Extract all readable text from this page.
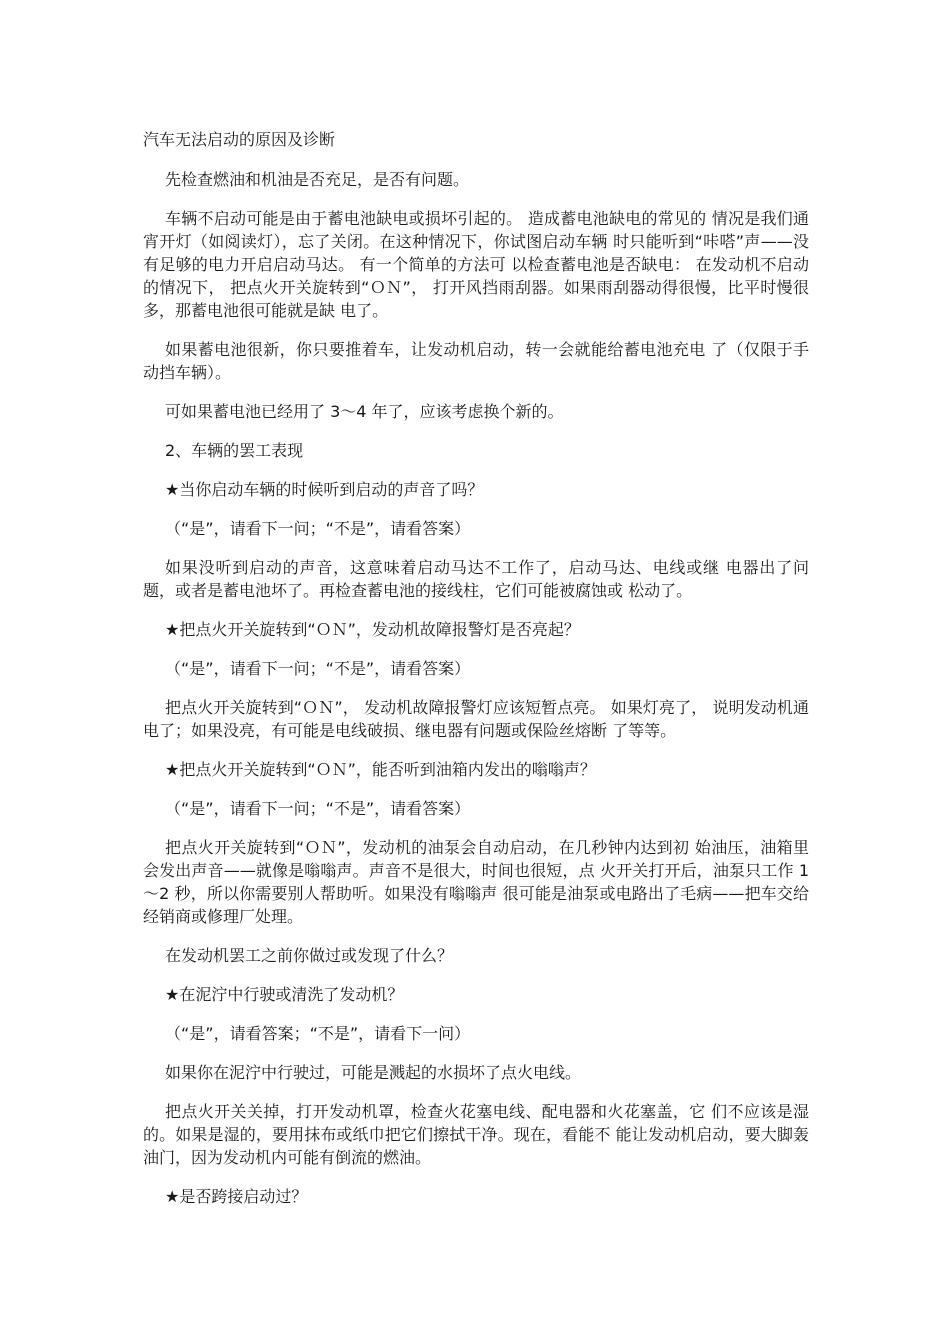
汽车无法启动的原因及诊断

先检查燃油和机油是否充足，是否有问题。

车辆不启动可能是由于蓄电池缺电或损坏引起的。 造成蓄电池缺电的常见的 情况是我们通宵开灯（如阅读灯），忘了关闭。在这种情况下，你试图启动车辆 时只能听到“咔嗒”声——没有足够的电力开启启动马达。 有一个简单的方法可 以检查蓄电池是否缺电： 在发动机不启动的情况下， 把点火开关旋转到“ＯＮ”， 打开风挡雨刮器。如果雨刮器动得很慢，比平时慢很多，那蓄电池很可能就是缺 电了。

如果蓄电池很新，你只要推着车，让发动机启动，转一会就能给蓄电池充电 了（仅限于手动挡车辆）。

可如果蓄电池已经用了 3～4 年了，应该考虑换个新的。

2、车辆的罢工表现

★当你启动车辆的时候听到启动的声音了吗？

（“是”，请看下一问；“不是”，请看答案）

如果没听到启动的声音，这意味着启动马达不工作了，启动马达、电线或继 电器出了问题，或者是蓄电池坏了。再检查蓄电池的接线柱，它们可能被腐蚀或 松动了。

★把点火开关旋转到“ＯＮ”，发动机故障报警灯是否亮起？

（“是”，请看下一问；“不是”，请看答案）

把点火开关旋转到“ＯＮ”， 发动机故障报警灯应该短暂点亮。 如果灯亮了， 说明发动机通电了；如果没亮，有可能是电线破损、继电器有问题或保险丝熔断 了等等。

★把点火开关旋转到“ＯＮ”，能否听到油箱内发出的嗡嗡声？

（“是”，请看下一问；“不是”，请看答案）

把点火开关旋转到“ＯＮ”，发动机的油泵会自动启动，在几秒钟内达到初 始油压，油箱里会发出声音——就像是嗡嗡声。声音不是很大，时间也很短，点 火开关打开后，油泵只工作 1～2 秒，所以你需要别人帮助听。如果没有嗡嗡声 很可能是油泵或电路出了毛病——把车交给经销商或修理厂处理。

在发动机罢工之前你做过或发现了什么？

★在泥泞中行驶或清洗了发动机？

（“是”，请看答案；“不是”，请看下一问）

如果你在泥泞中行驶过，可能是溅起的水损坏了点火电线。

把点火开关关掉，打开发动机罩，检查火花塞电线、配电器和火花塞盖，它 们不应该是湿的。如果是湿的，要用抹布或纸巾把它们擦拭干净。现在，看能不 能让发动机启动，要大脚轰油门，因为发动机内可能有倒流的燃油。

★是否跨接启动过？
